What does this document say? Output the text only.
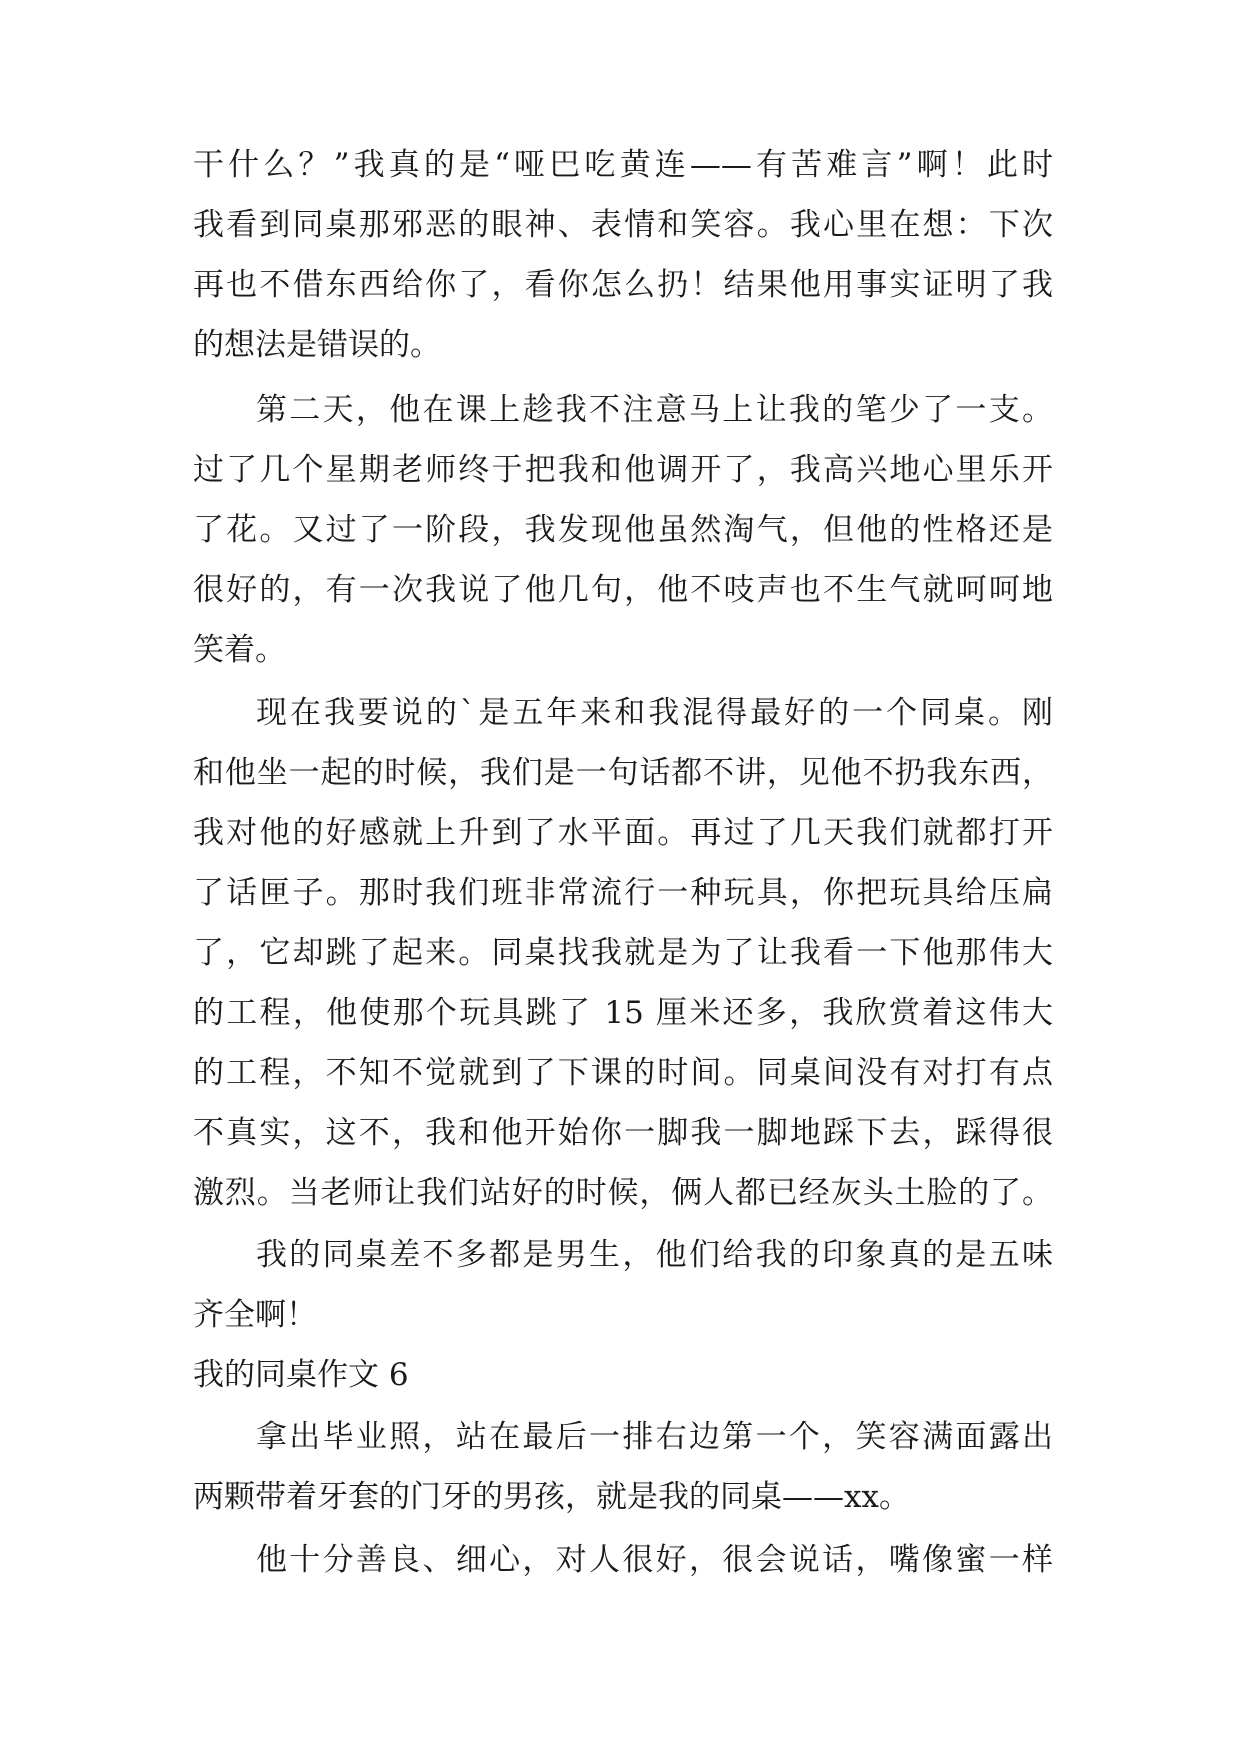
干什么？”我真的是“哑巴吃黄连——有苦难言”啊！此时
我看到同桌那邪恶的眼神、表情和笑容。我心里在想：下次
再也不借东西给你了，看你怎么扔！结果他用事实证明了我
的想法是错误的。
第二天，他在课上趁我不注意马上让我的笔少了一支。
过了几个星期老师终于把我和他调开了，我高兴地心里乐开
了花。又过了一阶段，我发现他虽然淘气，但他的性格还是
很好的，有一次我说了他几句，他不吱声也不生气就呵呵地
笑着。
现在我要说的`是五年来和我混得最好的一个同桌。刚
和他坐一起的时候，我们是一句话都不讲，见他不扔我东西，
我对他的好感就上升到了水平面。再过了几天我们就都打开
了话匣子。那时我们班非常流行一种玩具，你把玩具给压扁
了，它却跳了起来。同桌找我就是为了让我看一下他那伟大
的工程，他使那个玩具跳了 15 厘米还多，我欣赏着这伟大
的工程，不知不觉就到了下课的时间。同桌间没有对打有点
不真实，这不，我和他开始你一脚我一脚地踩下去，踩得很
激烈。当老师让我们站好的时候，俩人都已经灰头土脸的了。
我的同桌差不多都是男生，他们给我的印象真的是五味
齐全啊！
我的同桌作文 6
拿出毕业照，站在最后一排右边第一个，笑容满面露出
两颗带着牙套的门牙的男孩，就是我的同桌——xx。
他十分善良、细心，对人很好，很会说话，嘴像蜜一样
